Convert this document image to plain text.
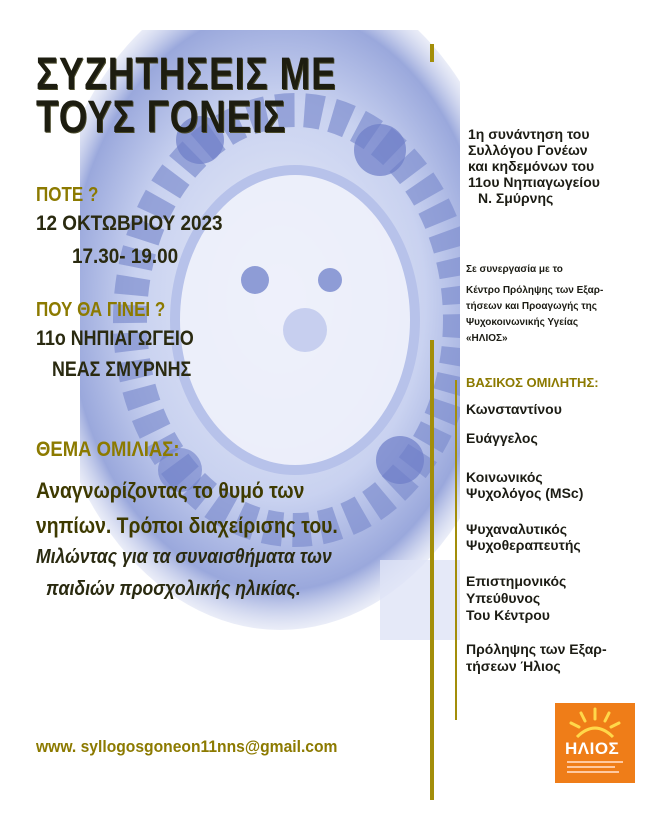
ΣΥΖΗΤΗΣΕΙΣ ΜΕ
ΤΟΥΣ ΓΟΝΕΙΣ
ΠΟΤΕ ?
12 ΟΚΤΩΒΡΙΟΥ 2023
17.30- 19.00
ΠΟΥ ΘΑ ΓΙΝΕΙ ?
11ο ΝΗΠΙΑΓΩΓΕΙΟ
ΝΕΑΣ ΣΜΥΡΝΗΣ
ΘΕΜΑ ΟΜΙΛΙΑΣ:
Αναγνωρίζοντας το θυμό των
νηπίων. Τρόποι διαχείρισης του.
Μιλώντας για τα συναισθήματα των
παιδιών προσχολικής ηλικίας.
www. syllogosgoneon11nns@gmail.com
1η συνάντηση του
Συλλόγου Γονέων
και κηδεμόνων του
11ου Νηπιαγωγείου
Ν. Σμύρνης
Σε συνεργασία με το
Κέντρο Πρόληψης των Εξαρ-
τήσεων και Προαγωγής της
Ψυχοκοινωνικής Υγείας
«ΗΛΙΟΣ»
ΒΑΣΙΚΟΣ ΟΜΙΛΗΤΗΣ:
Κωνσταντίνου
Ευάγγελος
Κοινωνικός
Ψυχολόγος (MSc)
Ψυχαναλυτικός
Ψυχοθεραπευτής
Επιστημονικός
Υπεύθυνος
Του Κέντρου
Πρόληψης των Εξαρ-
τήσεων Ήλιος
ΗΛΙΟΣ
